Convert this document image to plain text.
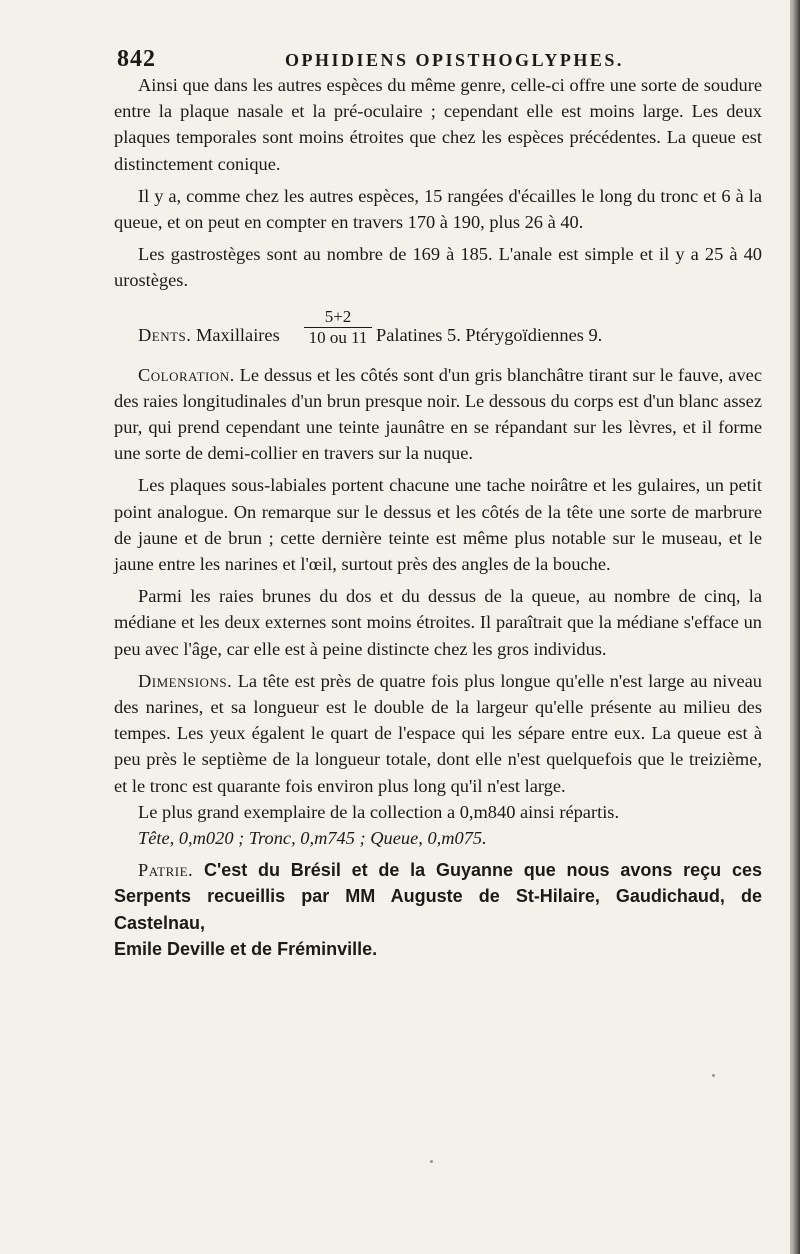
842	OPHIDIENS OPISTHOGLYPHES.

Ainsi que dans les autres espèces du même genre, celle-ci offre une sorte de soudure entre la plaque nasale et la pré-oculaire ; cependant elle est moins large. Les deux plaques temporales sont moins étroites que chez les espèces précédentes. La queue est distinctement conique.

Il y a, comme chez les autres espèces, 15 rangées d'écailles le long du tronc et 6 à la queue, et on peut en compter en travers 170 à 190, plus 26 à 40.

Les gastrostèges sont au nombre de 169 à 185. L'anale est simple et il y a 25 à 40 urostèges.

Dents. Maxillaires
5+2
10 ou 11 Palatines 5. Ptérygoïdiennes 9.

Coloration. Le dessus et les côtés sont d'un gris blanchâtre tirant sur le fauve, avec des raies longitudinales d'un brun presque noir. Le dessous du corps est d'un blanc assez pur, qui prend cependant une teinte jaunâtre en se répandant sur les lèvres, et il forme une sorte de demi-collier en travers sur la nuque.

Les plaques sous-labiales portent chacune une tache noirâtre et les gulaires, un petit point analogue. On remarque sur le dessus et les côtés de la tête une sorte de marbrure de jaune et de brun ; cette dernière teinte est même plus notable sur le museau, et le jaune entre les narines et l'œil, surtout près des angles de la bouche.

Parmi les raies brunes du dos et du dessus de la queue, au nombre de cinq, la médiane et les deux externes sont moins étroites. Il paraîtrait que la médiane s'efface un peu avec l'âge, car elle est à peine distincte chez les gros individus.

Dimensions. La tête est près de quatre fois plus longue qu'elle n'est large au niveau des narines, et sa longueur est le double de la largeur qu'elle présente au milieu des tempes. Les yeux égalent le quart de l'espace qui les sépare entre eux. La queue est à peu près le septième de la longueur totale, dont elle n'est quelquefois que le treizième, et le tronc est quarante fois environ plus long qu'il n'est large.

Le plus grand exemplaire de la collection a 0,m840 ainsi répartis.

Tête, 0,m020 ; Tronc, 0,m745 ; Queue, 0,m075.

Patrie. C'est du Brésil et de la Guyanne que nous avons reçu ces Serpents recueillis par MM Auguste de St-Hilaire, Gaudichaud, de Castelnau,

Emile Deville et de Fréminville.
